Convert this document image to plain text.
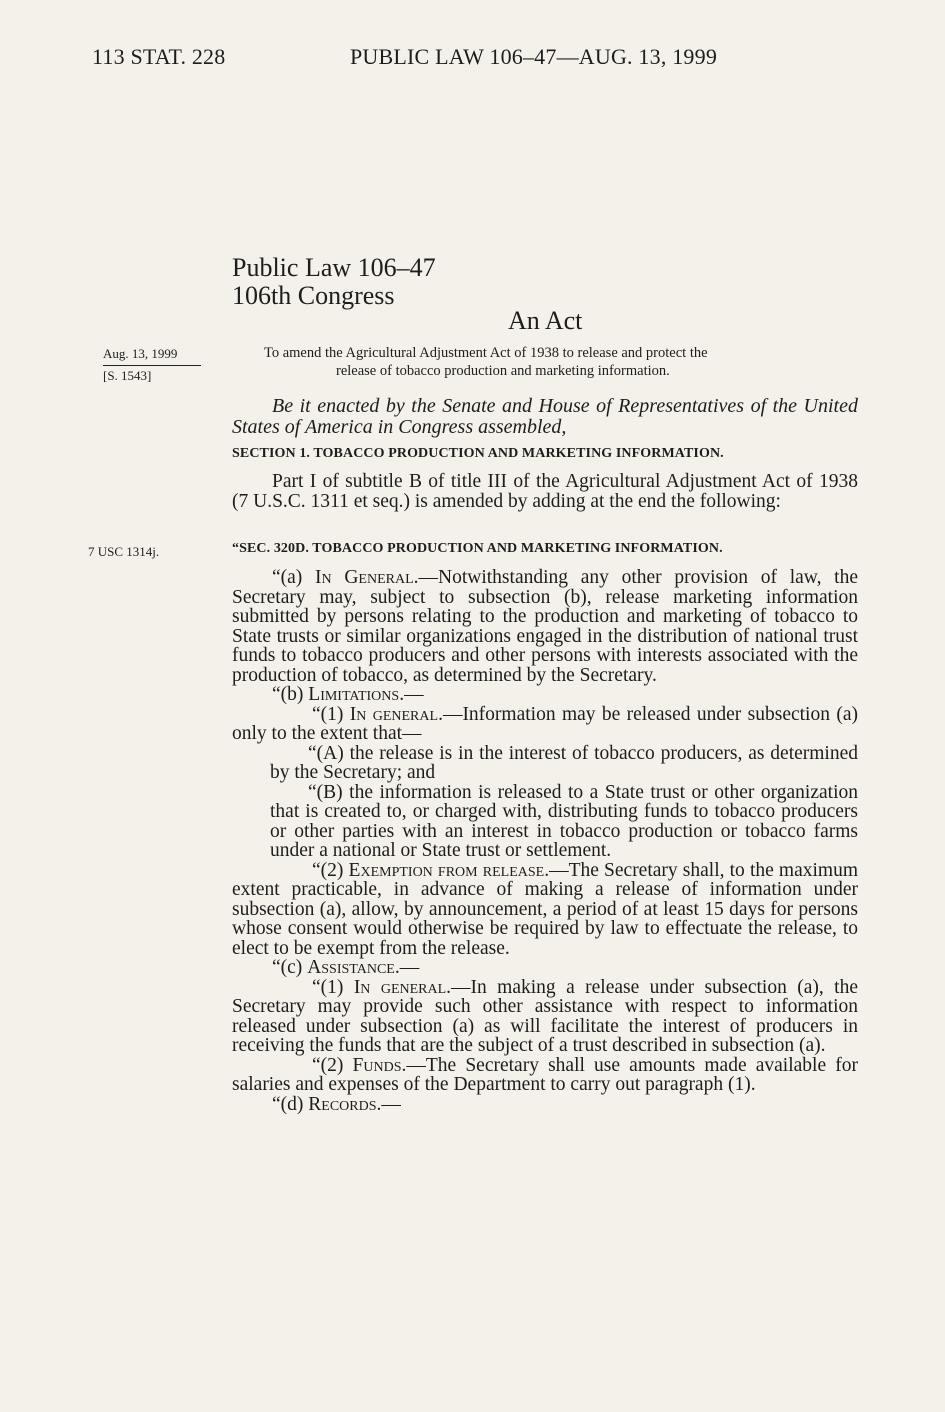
113 STAT. 228	PUBLIC LAW 106–47—AUG. 13, 1999
Public Law 106–47
106th Congress
An Act
Aug. 13, 1999
[S. 1543]
7 USC 1314j.
To amend the Agricultural Adjustment Act of 1938 to release and protect the
release of tobacco production and marketing information.
Be it enacted by the Senate and House of Representatives of the United States of America in Congress assembled,
SECTION 1. TOBACCO PRODUCTION AND MARKETING INFORMATION.

Part I of subtitle B of title III of the Agricultural Adjustment Act of 1938 (7 U.S.C. 1311 et seq.) is amended by adding at the end the following:

“SEC. 320D. TOBACCO PRODUCTION AND MARKETING INFORMATION.

“(a) In General.—Notwithstanding any other provision of law, the Secretary may, subject to subsection (b), release marketing information submitted by persons relating to the production and marketing of tobacco to State trusts or similar organizations engaged in the distribution of national trust funds to tobacco producers and other persons with interests associated with the production of tobacco, as determined by the Secretary.

“(b) Limitations.—

“(1) In general.—Information may be released under subsection (a) only to the extent that—

“(A) the release is in the interest of tobacco producers, as determined by the Secretary; and

“(B) the information is released to a State trust or other organization that is created to, or charged with, distributing funds to tobacco producers or other parties with an interest in tobacco production or tobacco farms under a national or State trust or settlement.

“(2) Exemption from release.—The Secretary shall, to the maximum extent practicable, in advance of making a release of information under subsection (a), allow, by announcement, a period of at least 15 days for persons whose consent would otherwise be required by law to effectuate the release, to elect to be exempt from the release.

“(c) Assistance.—

“(1) In general.—In making a release under subsection (a), the Secretary may provide such other assistance with respect to information released under subsection (a) as will facilitate the interest of producers in receiving the funds that are the subject of a trust described in subsection (a).

“(2) Funds.—The Secretary shall use amounts made available for salaries and expenses of the Department to carry out paragraph (1).

“(d) Records.—
